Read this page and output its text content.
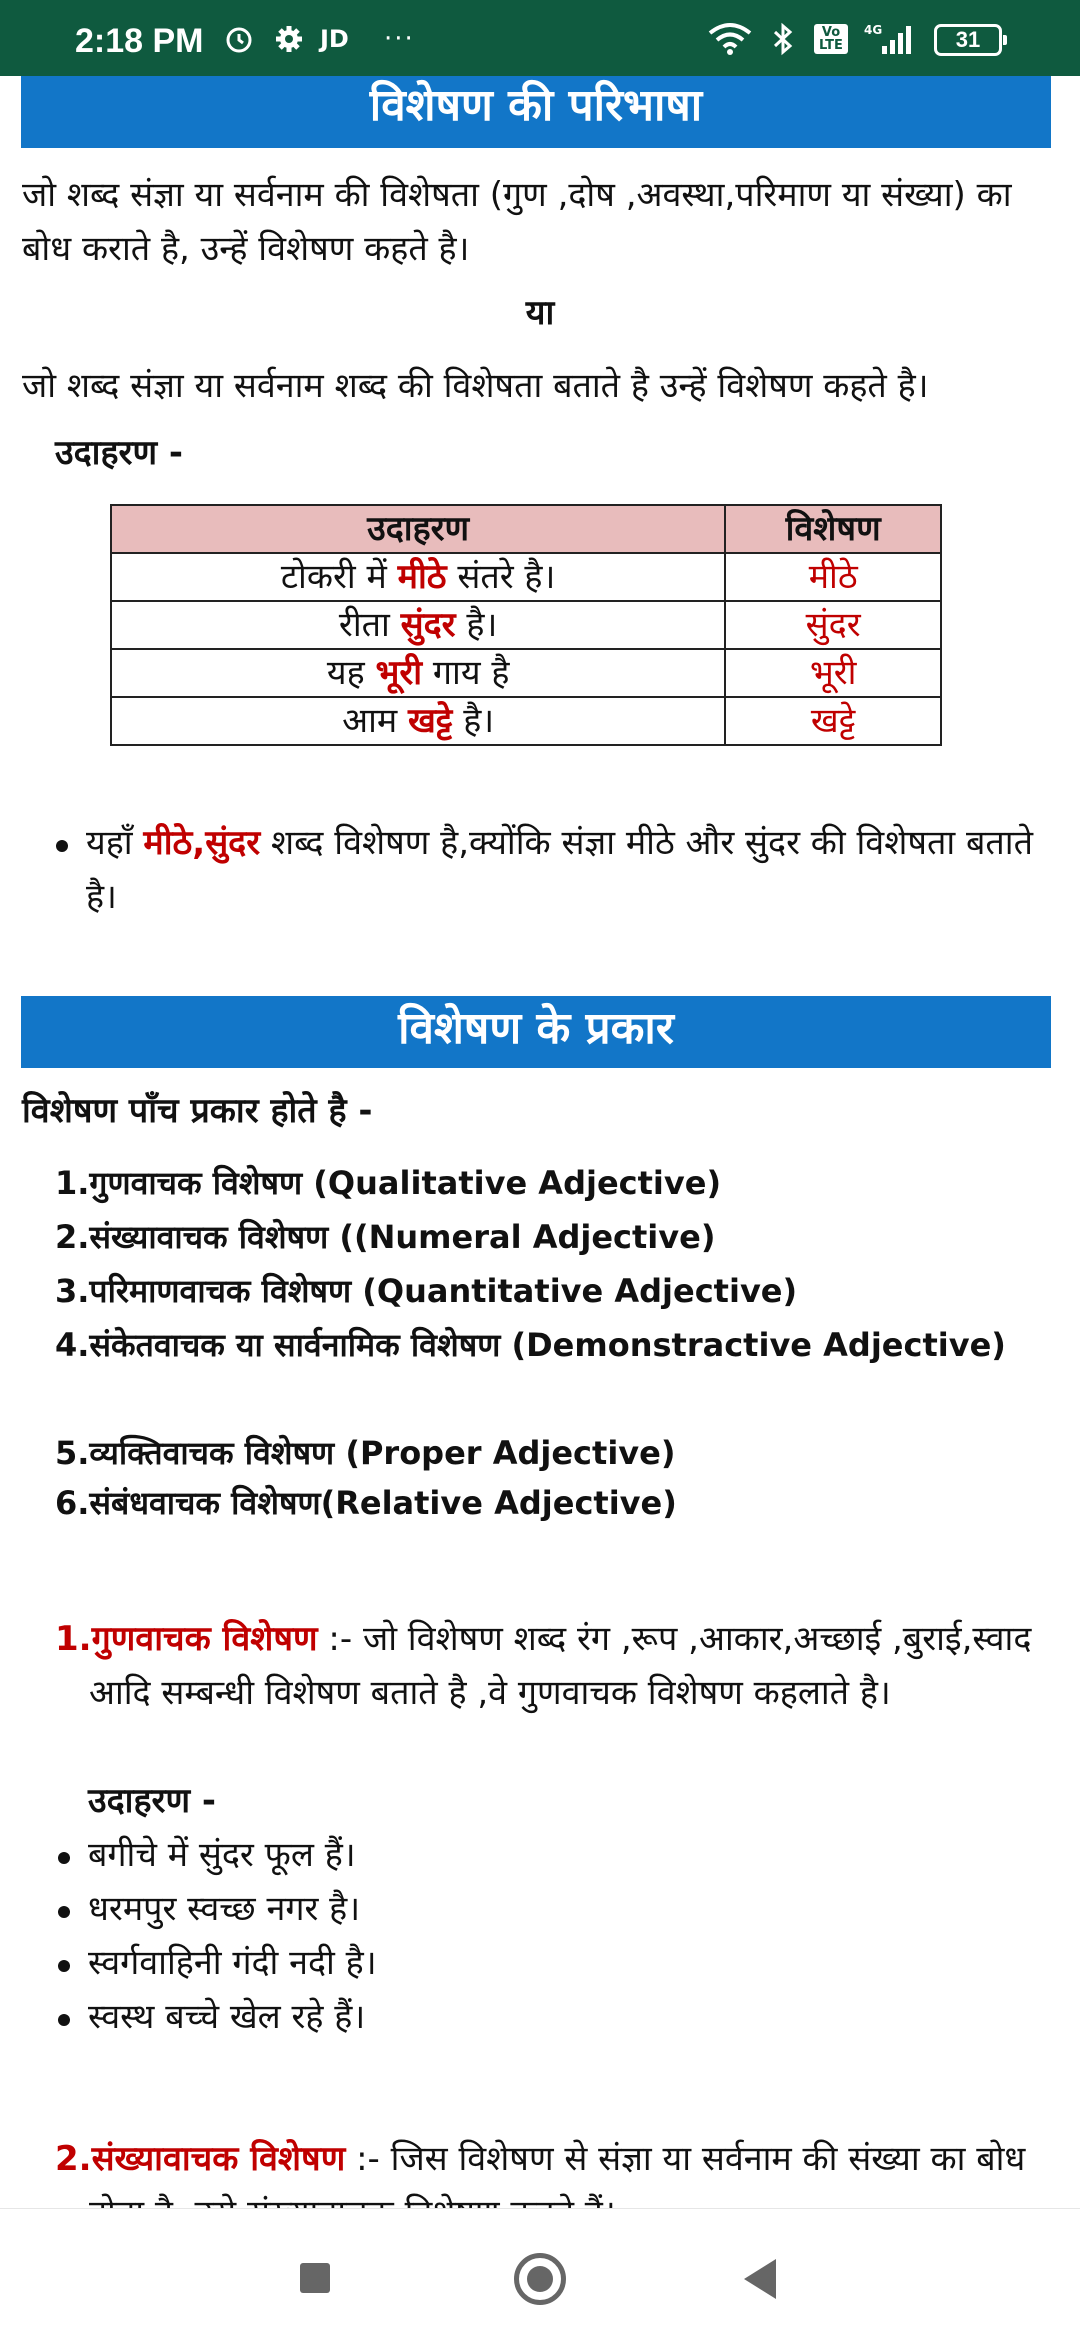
2:18 PM	JD ···	Vo LTE
4G	31
विशेषण की परिभाषा
जो शब्द संज्ञा या सर्वनाम की विशेषता (गुण ,दोष ,अवस्था,परिमाण या संख्या) का बोध कराते है, उन्हें विशेषण कहते है।
या
जो शब्द संज्ञा या सर्वनाम शब्द की विशेषता बताते है उन्हें विशेषण कहते है।
उदाहरण -
उदाहरण	विशेषण
टोकरी में मीठे संतरे है।	मीठे
रीता सुंदर है।	सुंदर
यह भूरी गाय है	भूरी
आम खट्टे है।	खट्टे
यहाँ मीठे,सुंदर शब्द विशेषण है,क्योंकि संज्ञा मीठे और सुंदर की विशेषता बताते है।
विशेषण के प्रकार
विशेषण पाँच प्रकार होते है -
1.गुणवाचक विशेषण (Qualitative Adjective)
2.संख्यावाचक विशेषण ((Numeral Adjective)
3.परिमाणवाचक विशेषण (Quantitative Adjective)
4.संकेतवाचक या सार्वनामिक विशेषण (Demonstractive Adjective)
5.व्यक्तिवाचक विशेषण (Proper Adjective)
6.संबंधवाचक विशेषण(Relative Adjective)
1.गुणवाचक विशेषण :- जो विशेषण शब्द रंग ,रूप ,आकार,अच्छाई ,बुराई,स्वाद आदि सम्बन्धी विशेषण बताते है ,वे गुणवाचक विशेषण कहलाते है।
उदाहरण -
बगीचे में सुंदर फूल हैं।
धरमपुर स्वच्छ नगर है।
स्वर्गवाहिनी गंदी नदी है।
स्वस्थ बच्चे खेल रहे हैं।
2.संख्यावाचक विशेषण :- जिस विशेषण से संज्ञा या सर्वनाम की संख्या का बोध
